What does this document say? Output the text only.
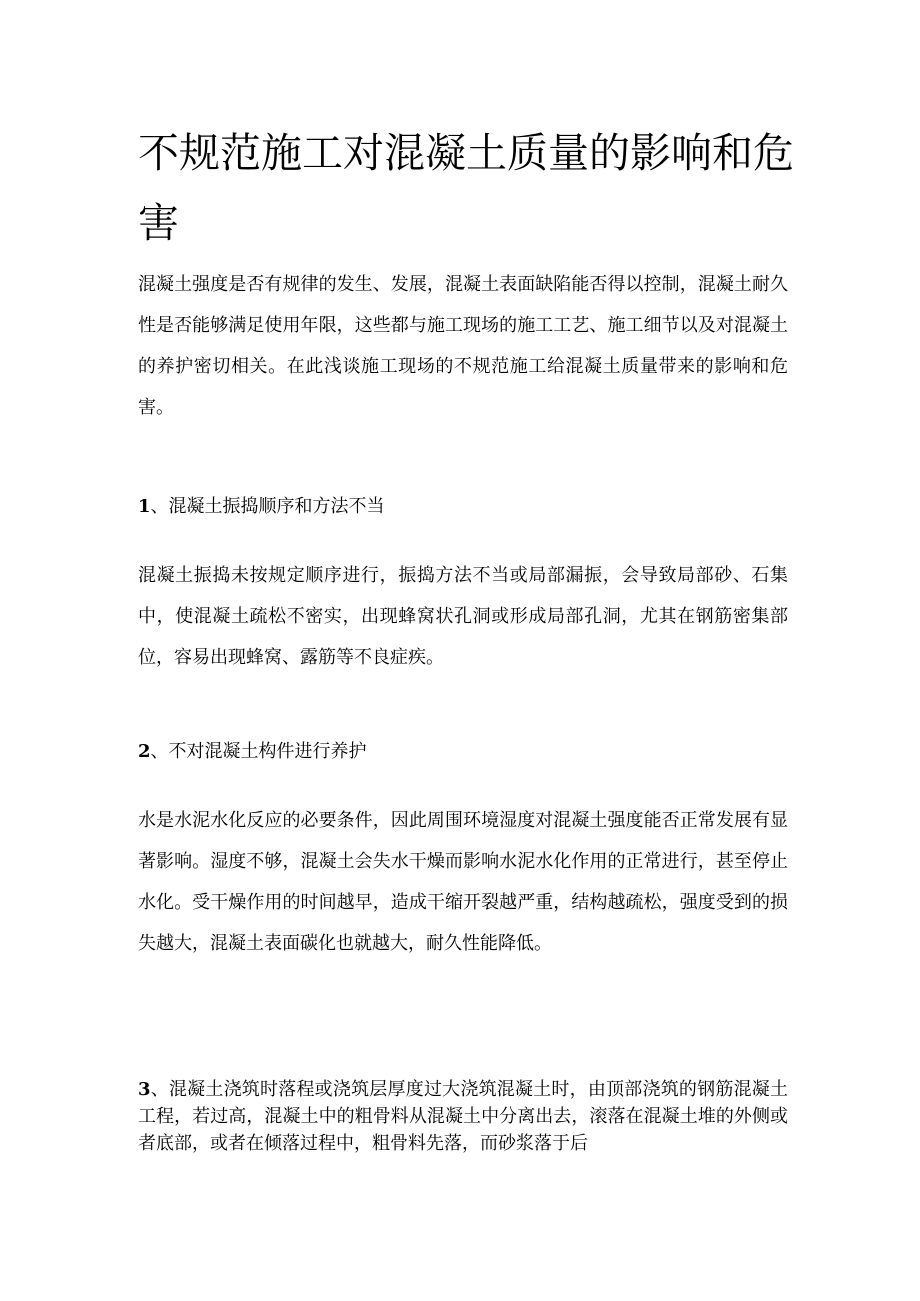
不规范施工对混凝土质量的影响和危害

混凝土强度是否有规律的发生、发展，混凝土表面缺陷能否得以控制，混凝土耐久性是否能够满足使用年限，这些都与施工现场的施工工艺、施工细节以及对混凝土的养护密切相关。在此浅谈施工现场的不规范施工给混凝土质量带来的影响和危害。

1、混凝土振捣顺序和方法不当

混凝土振捣未按规定顺序进行，振捣方法不当或局部漏振，会导致局部砂、石集中，使混凝土疏松不密实，出现蜂窝状孔洞或形成局部孔洞，尤其在钢筋密集部位，容易出现蜂窝、露筋等不良症疾。

2、不对混凝土构件进行养护

水是水泥水化反应的必要条件，因此周围环境湿度对混凝土强度能否正常发展有显著影响。湿度不够，混凝土会失水干燥而影响水泥水化作用的正常进行，甚至停止水化。受干燥作用的时间越早，造成干缩开裂越严重，结构越疏松，强度受到的损失越大，混凝土表面碳化也就越大，耐久性能降低。

3、混凝土浇筑时落程或浇筑层厚度过大浇筑混凝土时，由顶部浇筑的钢筋混凝土工程，若过高，混凝土中的粗骨料从混凝土中分离出去，滚落在混凝土堆的外侧或者底部，或者在倾落过程中，粗骨料先落，而砂浆落于后
